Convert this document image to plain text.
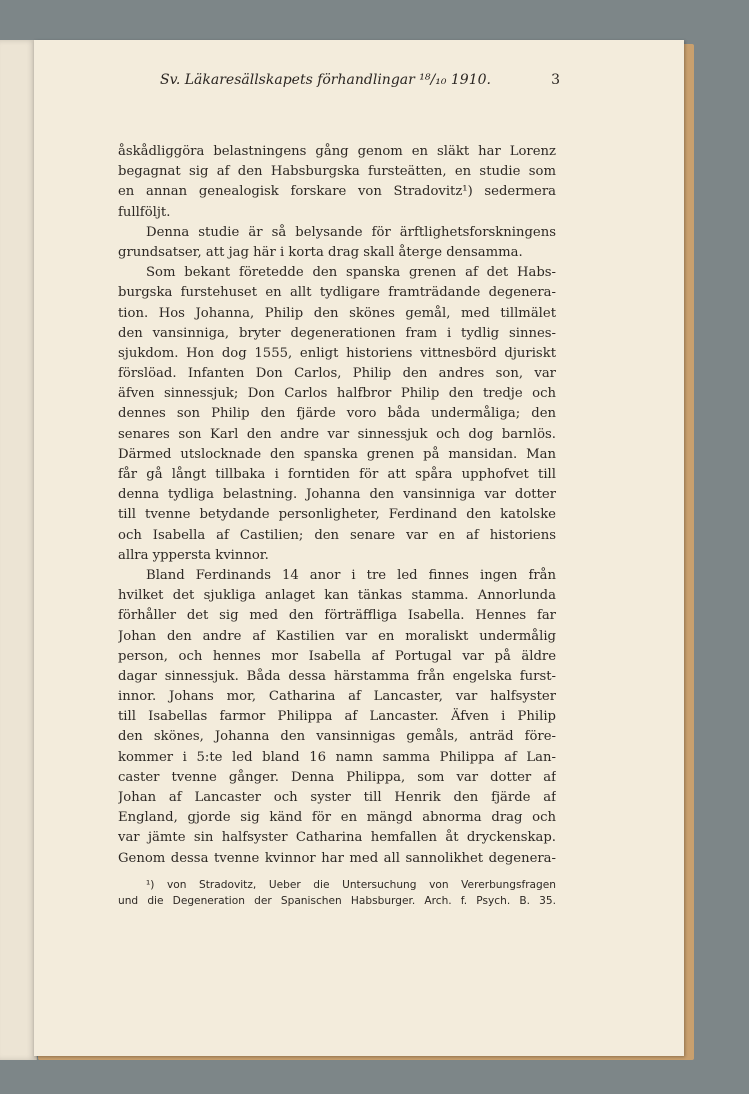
Sv. Läkaresällskapets förhandlingar ¹⁸/₁₀ 1910.	3
åskådliggöra belastningens gång genom en släkt har Lorenz
begagnat sig af den Habsburgska fursteätten, en studie som
en annan genealogisk forskare von Stradovitz¹) sedermera
fullföljt.
Denna studie är så belysande för ärftlighetsforskningens
grundsatser, att jag här i korta drag skall återge densamma.
Som bekant företedde den spanska grenen af det Habs-
burgska furstehuset en allt tydligare framträdande degenera-
tion. Hos Johanna, Philip den skönes gemål, med tillmälet
den vansinniga, bryter degenerationen fram i tydlig sinnes-
sjukdom. Hon dog 1555, enligt historiens vittnesbörd djuriskt
förslöad. Infanten Don Carlos, Philip den andres son, var
äfven sinnessjuk; Don Carlos halfbror Philip den tredje och
dennes son Philip den fjärde voro båda undermåliga; den
senares son Karl den andre var sinnessjuk och dog barnlös.
Därmed utslocknade den spanska grenen på mansidan. Man
får gå långt tillbaka i forntiden för att spåra upphofvet till
denna tydliga belastning. Johanna den vansinniga var dotter
till tvenne betydande personligheter, Ferdinand den katolske
och Isabella af Castilien; den senare var en af historiens
allra yppersta kvinnor.
Bland Ferdinands 14 anor i tre led finnes ingen från
hvilket det sjukliga anlaget kan tänkas stamma. Annorlunda
förhåller det sig med den förträffliga Isabella. Hennes far
Johan den andre af Kastilien var en moraliskt undermålig
person, och hennes mor Isabella af Portugal var på äldre
dagar sinnessjuk. Båda dessa härstamma från engelska furst-
innor. Johans mor, Catharina af Lancaster, var halfsyster
till Isabellas farmor Philippa af Lancaster. Äfven i Philip
den skönes, Johanna den vansinnigas gemåls, anträd före-
kommer i 5:te led bland 16 namn samma Philippa af Lan-
caster tvenne gånger. Denna Philippa, som var dotter af
Johan af Lancaster och syster till Henrik den fjärde af
England, gjorde sig känd för en mängd abnorma drag och
var jämte sin halfsyster Catharina hemfallen åt dryckenskap.
Genom dessa tvenne kvinnor har med all sannolikhet degenera-
¹) von Stradovitz, Ueber die Untersuchung von Vererbungsfragen
und die Degeneration der Spanischen Habsburger. Arch. f. Psych. B. 35.
